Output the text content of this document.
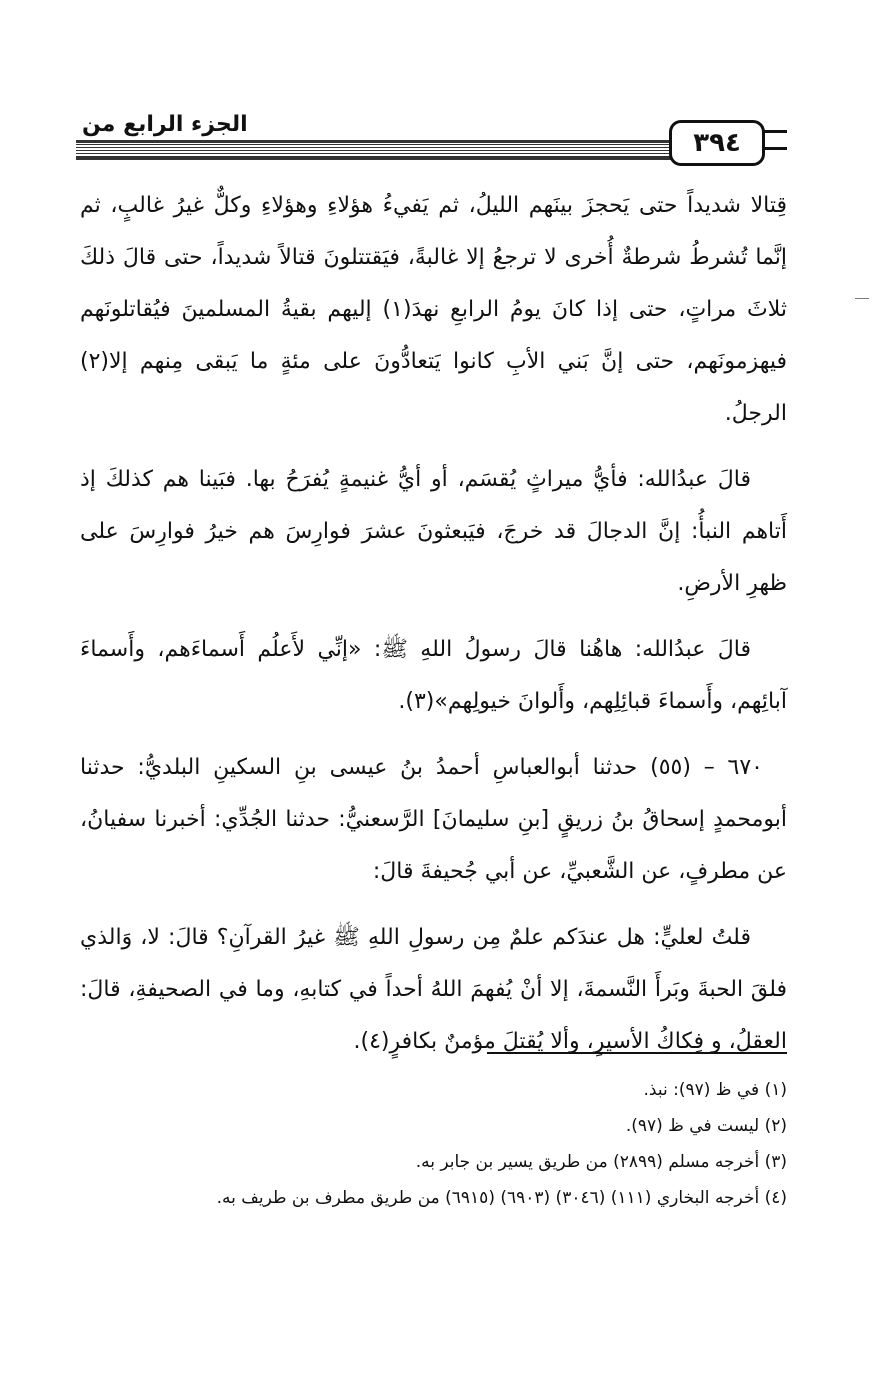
الجزء الرابع من
٣٩٤

قِتالا شديداً حتى يَحجزَ بينَهم الليلُ، ثم يَفيءُ هؤلاءِ وهؤلاءِ وكلٌّ غيرُ غالبٍ، ثم إنَّما تُشرطُ شرطةٌ أُخرى لا ترجعُ إلا غالبةً، فيَقتتلونَ قتالاً شديداً، حتى قالَ ذلكَ ثلاثَ مراتٍ، حتى إذا كانَ يومُ الرابعِ نهدَ(١) إليهم بقيةُ المسلمينَ فيُقاتلونَهم فيهزمونَهم، حتى إنَّ بَني الأبِ كانوا يَتعادُّونَ على مئةٍ ما يَبقى مِنهم إلا(٢) الرجلُ.

قالَ عبدُالله: فأيُّ ميراثٍ يُقسَم، أو أيُّ غنيمةٍ يُفرَحُ بها. فبَينا هم كذلكَ إذ أَتاهم النبأُ: إنَّ الدجالَ قد خرجَ، فيَبعثونَ عشرَ فوارِسَ هم خيرُ فوارِسَ على ظهرِ الأرضِ.

قالَ عبدُالله: هاهُنا قالَ رسولُ اللهِ ﷺ: «إنِّي لأَعلُم أَسماءَهم، وأَسماءَ آبائِهم، وأَسماءَ قبائِلِهم، وأَلوانَ خيولِهم»(٣).

٦٧٠ – (٥٥) حدثنا أبوالعباسِ أحمدُ بنُ عيسى بنِ السكينِ البلديُّ: حدثنا أبومحمدٍ إسحاقُ بنُ زريقٍ [بنِ سليمانَ] الرَّسعنيُّ: حدثنا الجُدِّي: أخبرنا سفيانُ، عن مطرفٍ، عن الشَّعبيِّ، عن أبي جُحيفةَ قالَ:

قلتُ لعليٍّ: هل عندَكم علمٌ مِن رسولِ اللهِ ﷺ غيرُ القرآنِ؟ قالَ: لا، وَالذي فلقَ الحبةَ وبَرأَ النَّسمةَ، إلا أنْ يُفهمَ اللهُ أحداً في كتابهِ، وما في الصحيفةِ، قالَ: العقلُ، و فِكاكُ الأسيرِ، وألا يُقتلَ مؤمنٌ بكافرٍ(٤).

(١) في ظ (٩٧): نبذ.

(٢) ليست في ظ (٩٧).

(٣) أخرجه مسلم (٢٨٩٩) من طريق يسير بن جابر به.

(٤) أخرجه البخاري (١١١) (٣٠٤٦) (٦٩٠٣) (٦٩١٥) من طريق مطرف بن طريف به.
